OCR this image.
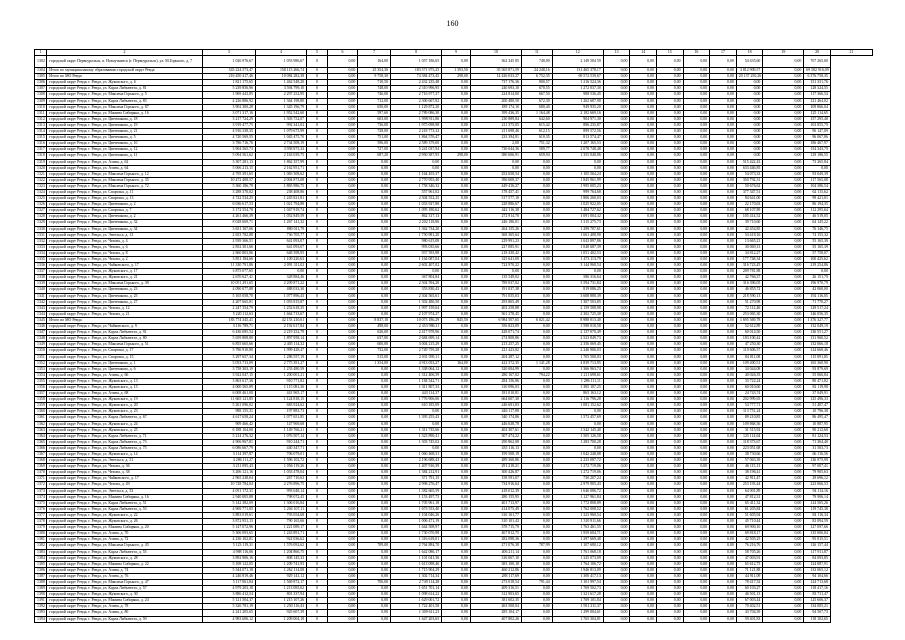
160
1	2	3	4	5	6	7	8	9	10	11	12	13	14	15	16	17	18	19	20	21
1302	городской округ Первоуральск, п. Новоуткинск (г. Первоуральск), ул. М.Горького, д. 7	1 026 976,67	1 053 986,67	0	0,00	164,00	1 057 186,65	0,00	362 345 85	748,00	2 149 584 59	0,00	0,00	0,00	0,00	0,00	54 435,60	0,00	707 265,60	
1304	Итого по муниципальному образованию городской округ Ревда	543 224 573,47	158 115 266,74	0	0,00	25 354,30	183 571 975,25	1 393,50	35 565 871,59	24 248,16	131 465 378,17	0,00	0,00	0,00	0,00	0,00	3 812 909,57	0,00	69 582 916,09	
1305	Итого по МО Ревда	216 450 417,46	10 084 282,38	0	0,00	9 758,30	74 384 473,45	298,00	14 426 033,27	6 752,35	69 572 539,67	0,00	0,00	0,00	0,00	0,00	20 137 250,26	0,00	6 376 758,35	
1306	городской округ Ревда, г. Ревда, ул. Жуковского, д. 6	1 821 175,65	1 462 548,20	0	0,00	710,50	2 432 235,48	0,00	737 176,36	800,57	1 216 524,36	0,00	0,00	0,00	0,00	0,00	0,00	0,00	151 331,76	
1307	городской округ Ревда, г. Ревда, ул. Карла Либкнехта, д. 81	5 239 856,96	3 594 799,10	0	0,00	748,00	2 310 996,95	0,00	240 693,10	670,55	1 272 037,30	0,00	0,00	0,00	0,00	0,00	0,00	0,00	128 324,55	
1308	городской округ Ревда, г. Ревда, ул. Максима Горького, д. 5	1 969 443,85	2 297 252,95	0	0,00	746,00	2 716 977,37	0,00	224 814,00	667,50	988 536,45	0,00	0,00	0,00	0,00	0,00	0,00	0,00	117 366,54	
1309	городской округ Ревда, г. Ревда, ул. Карла Либкнехта, д. 83	4 226 886,92	1 364 198,80	0	0,00	712,00	2 300 667,82	0,00	200 480,50	672,30	1 262 687,90	0,00	0,00	0,00	0,00	0,00	0,00	0,00	121 464,02	
1310	городской округ Ревда, г. Ревда, ул. Максима Горького, д. 87	3 902 300,28	1 345 196,79	0	0,00	650,00	1 129 872,20	0,00	189 174,10	680,40	949 935,20	0,00	0,00	0,00	0,00	0,00	0,00	0,00	109 866,04	
1311	городской округ Ревда, г. Ревда, ул. Мамина Сибиряка, д. 16	3 071 317,16	1 952 542,60	0	0,00	597,60	2 789 086,30	0,00	399 436,35	1 164,48	2 182 669,16	0,00	0,00	0,00	0,00	0,00	0,00	0,00	125 114,65	
1312	городской округ Ревда, г. Ревда, ул. Цветникова, д. 18	3 217 724,29	1 303 752,07	0	0,00	603,00	1 998 911,86	0,00	230 889,84	642,60	904 971,30	0,00	0,00	0,00	0,00	0,00	0,00	0,00	157 295,48	
1313	городской округ Ревда, г. Ревда, ул. Цветникова, д. 19	3 919 477,75	992 341,02	0	0,00	736,00	1 975 098,98	0,00	211 375,05	615,42	886 235,87	0,00	0,00	0,00	0,00	0,00	0,00	0,00	103 855,79	
1314	городской округ Ревда, г. Ревда, ул. Цветникова, д. 21	4 916 338,35	1 079 675,99	0	0,00	728,00	2 218 773,32	0,00	211 698,46	612,15	899 572,56	0,00	0,00	0,00	0,00	0,00	0,00	0,00	96 147,09	
1315	городской округ Ревда, г. Ревда, ул. Цветникова, д. 5	4 720 569,55	1 045 475,70	0	0,00	751,00	1 864 576,47	0,00	233 394,81	610,35	813 574,47	0,00	0,00	0,00	0,00	0,00	0,00	0,00	96 067,86	
1316	городской округ Ревда, г. Ревда, ул. Цветникова, д. 10	3 786 716,76	2 734 508,19	0	0,00	596,00	2 589 379,00	0,00	2,00	751,32	1 207 165,53	0,00	0,00	0,00	0,00	0,00	0,00	0,00	186 467,97	
1317	городской округ Ревда, г. Ревда, ул. Цветникова, д. 12	3 904 565,73	3 958 875,33	0	0,00	727,00	5 241 037,94	0,00	730 044,36	589,77	2 078 748,48	0,00	0,00	0,00	0,00	0,00	0,00	0,00	154 343,79	
1318	городской округ Ревда, г. Ревда, ул. Цветникова, д. 11	5 094 561,62	2 163 039,75	0	0,00	687,20	2 950 387,95	298,00	380 606,91	659,94	1 355 048,86	0,00	0,00	0,00	0,00	0,00	0,00	0,00	129 186,55	
1319	городской округ Ревда, г. Ревда, ул. Азина, д. 62	3 307 281,13	1 862 357,99	0	0,00	0,00	0,00	0,00	0,00	0,00	0,00	0,00	0,00	0,00	0,00	0,00	515 422,43	0,00	73 265,84	
1320	городской округ Ревда, г. Ревда, ул. Азина, д. 64	5 006 213,15	2 162 951,71	0	0,00	0,00	0,00	0,00	0,00	0,00	0,00	0,00	0,00	0,00	0,00	0,00	633 446,85	0,00	0,00	
1321	городской округ Ревда, г. Ревда, ул. Максима Горького, д. 12	4 795 391,65	1 065 508,62	0	0,00	0,00	1 164 455,37	0,00	252 658,54	0,00	1 105 564,24	0,00	0,00	0,00	0,00	0,00	54 073,33	0,00	93 049,39	
1322	городской округ Ревда, г. Ревда, ул. Максима Горького, д. 35	10 472 408,57	2 004 873,08	0	0,00	0,00	2 770 955,40	0,00	396 608,37	0,00	1 845 961,99	0,00	0,00	0,00	0,00	0,00	350 792,31	0,00	117 565,08	
1323	городской округ Ревда, г. Ревда, ул. Максима Горького, д. 72	5 360 186,79	1 865 986,75	0	0,00	0,00	1 758 346,32	0,00	449 416,27	0,00	1 995 005,23	0,00	0,00	0,00	0,00	0,00	50 676,62	0,00	104 386,54	
1324	городской округ Ревда, г. Ревда, ул. Спартака, д. 11	3 288 370,02	238 408,86	0	0,00	0,00	557 961,02	0,00	178 457,41	0,00	999 764,68	0,00	0,00	0,00	0,00	0,00	377 347,51	0,00	62 115,62	
1325	городской округ Ревда, г. Ревда, ул. Спартака, д. 13	4 722 534,25	1 245 821,81	0	0,00	0,00	2 304 552,25	0,00	517 577,10	0,00	1 806 260,03	0,00	0,00	0,00	0,00	0,00	84 641,00	0,00	99 421,01	
1326	городской округ Ревда, г. Ревда, ул. Цветникова, д. 2	6 036 617,53	1 021 794,88	0	0,00	0,00	1 033 927,88	0,00	228 886,67	0,00	1 025 922,05	0,00	0,00	0,00	0,00	0,00	22 170,63	0,00	86 194,35	
1327	городской округ Ревда, г. Ревда, ул. Спартака, д. 7	3 172 554,78	1 047 919,74	0	0,00	0,00	1 095 180,62	0,00	442 116,38	0,00	1 484 727,62	0,00	0,00	0,00	0,00	0,00	68 107,89	0,00	112 295,64	
1328	городской округ Ревда, г. Ревда, ул. Цветникова, д. 2	4 261 466,39	1 052 849,59	0	0,00	0,00	862 317,13	0,00	272 914,70	0,00	1 091 004,32	0,00	0,00	0,00	0,00	0,00	105 414,52	0,00	46 519,05	
1329	городской округ Ревда, г. Ревда, ул. Цветникова, д. 32	8 028 069,71	1 267 141,32	0	0,00	0,00	2 202 118,86	0,00	246 186,01	0,00	1 315 275,73	0,00	0,00	0,00	0,00	0,00	39 710,60	0,00	64 145,22	
1330	городской округ Ревда, г. Ревда, ул. Цветникова, д. 34	3 651 167,06	880 011,79	0	0,00	0,00	1 362 734,20	0,00	264 155,26	0,00	1 299 787,61	0,00	0,00	0,00	0,00	0,00	42 454,85	0,00	76 146,75	
1331	городской округ Ревда, г. Ревда, ул. Энгельса, д. 13	2 653 782,88	736 705,77	0	0,00	0,00	1 750 981,20	0,00	368 365,64	0,00	1 661 408,90	0,00	0,00	0,00	0,00	0,00	54 418,16	0,00	74 155,32	
1332	городской округ Ревда, г. Ревда, ул. Чехова, д. 4	2 939 366,51	641 093,07	0	0,00	0,00	980 615,08	0,00	229 991,23	0,00	1 043 897,86	0,00	0,00	0,00	0,00	0,00	13 665,21	0,00	55 165,39	
1333	городской округ Ревда, г. Ревда, ул. Чехова, д. 6	2 852 301,66	641 093,07	0	0,00	0,00	993 035,66	0,00	227 085,91	0,00	1 048 687,39	0,00	0,00	0,00	0,00	0,00	30 069,13	0,00	55 165,39	
1334	городской округ Ревда, г. Ревда, ул. Чехова, д. 8	2 860 803,86	648 398,95	0	0,00	0,00	937 593,98	0,00	218 430,42	0,00	1 051 402,53	0,00	0,00	0,00	0,00	0,00	34 812,27	0,00	57 758,07	
1335	городской округ Ревда, г. Ревда, ул. Чехова, д. 2	3 851 184,66	1 109 220,63	0	0,00	0,00	1 164 087,04	0,00	325 641,00	0,00	1 473 113,79	0,00	0,00	0,00	0,00	0,00	177 748,34	0,00	100 425,62	
1336	городской округ Ревда, г. Ревда, ул. Чайковского, д. 17	11 330 791,86	2 091 311,02	0	0,00	0,00	2 602 407,02	0,00	722 970,22	0,00	3 144 968,54	0,00	0,00	0,00	0,00	0,00	316 723,45	0,00	219 254,86	
1337	городской округ Ревда, г. Ревда, ул. Жуковского, д. 17	3 875 077,65	0,00	0	0,00	0,00	0,00	0,00	0,00	0,00	0,00	0,00	0,00	0,00	0,00	0,00	209 781,88	0,00	0,00	
1338	городской округ Ревда, г. Ревда, ул. Жуковского, д. 21	2 670 627,41	328 884,46	0	0,00	0,00	367 804,84	0,00	135 549,02	0,00	586 316,64	0,00	0,00	0,00	0,00	0,00	42 766,37	0,00	26 151,79	
1339	городской округ Ревда, г. Ревда, ул. Максима Горького, д. 39	10 051 291,65	2 209 871,22	0	0,00	0,00	2 304 594,20	0,00	789 037,02	0,00	3 594 731,84	0,00	0,00	0,00	0,00	0,00	316 396,05	0,00	196 970,79	
1340	городской округ Ревда, г. Ревда, ул. Цветникова, д. 23	4 090 077,88	488 033,30	0	0,00	0,00	353 830,43	0,00	191 037,38	0,00	819 086,25	0,00	0,00	0,00	0,00	0,00	46 855,72	0,00	42 060,00	
1341	городской округ Ревда, г. Ревда, ул. Цветникова, д. 25	5 165 058,70	1 077 896,43	0	0,00	0,00	2 304 565,61	0,00	791 055,03	0,00	3 608 888,39	0,00	0,00	0,00	0,00	0,00	218 590,13	0,00	192 116,05	
1342	городской округ Ревда, г. Ревда, ул. Цветникова, д. 27	4 207 665,81	1 053 815,87	0	0,00	0,00	1 302 486,50	0,00	293 865,49	0,00	1 307 503,85	0,00	0,00	0,00	0,00	0,00	51 270,98	0,00	71 770,27	
1343	городской округ Ревда, г. Ревда, ул. Чехова, д. 12	2 247 354,79	1 252 618,35	0	0,00	0,00	1 997 159,64	0,00	402 258,88	0,00	2 159 508,98	0,00	0,00	0,00	0,00	0,00	72 112,46	0,00	129 517,24	
1344	городской округ Ревда, г. Ревда, ул. Чехова, д. 21	5 220 112,63	1 664 713,67	0	0,00	0,00	2 107 974,27	0,00	561 278,45	0,00	2 302 725,30	0,00	0,00	0,00	0,00	0,00	253 065,30	0,00	146 056,35	
1345	Итого по МО Ревда	183 774 345,41	42 153 210,61	0	0,00	8 837,10	10 073 186,29	845,50	6 984 507,65	6 021,42	8 988 013,40	0,00	0,00	0,00	0,00	0,00	1 695 369,78	0,00	1 376 327,77	
1346	городской округ Ревда, г. Ревда, ул. Чайковского, д. 9	3 116 789,71	2 192 617,84	0	0,00	498,00	2 453 986,11	0,00	356 823,09	0,00	1 590 018,58	0,00	0,00	0,00	0,00	0,00	52 612,89	0,00	132 049,19	
1347	городской округ Ревда, г. Ревда, ул. Карла Либкнехта, д. 91	6 436 085,54	2 219 252,79	0	0,00	626,00	2 417 978,96	0,00	428 071,74	0,00	2 137 070,49	0,00	0,00	0,00	0,00	0,00	60 014,50	0,00	136 551,27	
1348	городской округ Ревда, г. Ревда, ул. Карла Либкнехта, д. 80	5 659 808,80	1 897 958,14	0	0,00	637,00	2 684 699,14	0,00	274 808,86	0,00	2 523 849,73	0,00	0,00	0,00	0,00	0,00	183 100,42	0,00	131 960,52	
1349	городской округ Ревда, г. Ревда, ул. Максима Горького, д. 51	6 855 665,66	2 405 114,32	0	0,00	600,00	3 004 215,29	0,00	213 257,25	0,00	2 356 069,45	0,00	0,00	0,00	0,00	0,00	47 250,30	0,00	132 066,18	
1350	городской округ Ревда, г. Ревда, ул. Спартака, д. 17	5 786 910,80	1 999 428,47	0	0,00	732,00	2 749 759,28	0,00	221 423,82	0,00	2 246 906,03	0,00	0,00	0,00	0,00	0,00	110 606,57	0,00	124 668,46	
1351	городской округ Ревда, г. Ревда, ул. Спартака, д. 15	3 297 657,34	1 286 557,19	0	0,00	515,00	2 031 095,11	0,00	204 287,12	0,00	1 705 500,03	0,00	0,00	0,00	0,00	0,00	84 011,08	0,00	115 891,85	
1352	городской округ Ревда, г. Ревда, ул. Цветникова, д. 1	5 053 713,09	2 775 391,27	0	0,00	1 354,00	4 913 053,27	164,00	422 372,35	1 141,28	4 839 713,95	0,00	0,00	0,00	0,00	0,00	109 400,51	0,00	165 360,90	
1353	городской округ Ревда, г. Ревда, ул. Цветникова, д. 6	3 758 303,19	1 233 480,59	0	0,00	0,00	1 338 064,12	0,00	320 004,99	0,00	1 366 963,74	0,00	0,00	0,00	0,00	0,00	34 044,08	0,00	93 879,69	
1354	городской округ Ревда, г. Ревда, ул. Азина, д. 66	3 922 047,15	1 200 001,21	0	0,00	0,00	1 312 406,59	0,00	286 167,02	794,22	1 211 698,61	0,00	0,00	0,00	0,00	0,00	40 026,35	0,00	55 060,84	
1355	городской округ Ревда, г. Ревда, ул. Жуковского, д. 13	3 863 617,36	910 771,82	0	0,00	0,00	1 184 542,71	0,00	284 156,86	0,00	1 286 111,11	0,00	0,00	0,00	0,00	0,00	33 722,24	0,00	80 471,82	
1356	городской округ Ревда, г. Ревда, ул. Жуковского, д. 15	4 000 565,89	1 115 081,36	0	0,00	0,00	1 311 807,33	0,00	310 096,03	0,00	1 385 107,25	0,00	0,00	0,00	0,00	0,00	60 010,60	0,00	82 119,98	
1357	городской округ Ревда, г. Ревда, ул. Азина, д. 68	6 008 461,00	441 965,17	0	0,00	0,00	443 114,37	0,00	181 010,81	0,00	865 163,12	0,00	0,00	0,00	0,00	0,00	24 743,74	0,00	37 049,91	
1358	городской округ Ревда, г. Ревда, ул. Жуковского, д. 19	11 665 121,85	1 124 818,15	0	0,00	0,00	1 776 906,06	0,00	664 607,30	0,00	2 116 796,28	0,00	0,00	0,00	0,00	0,00	202 999,65	0,00	125 496,33	
1359	городской округ Ревда, г. Ревда, ул. Жуковского, д. 20	5 261 096,02	683 924,62	0	0,00	0,00	610 185,09	0,00	246 691,83	0,00	1 081 152,62	0,00	0,00	0,00	0,00	0,00	54 777,71	0,00	51 407,47	
1360	городской округ Ревда, г. Ревда, ул. Жуковского, д. 23	988 155,31	197 883,73	0	0,00	0,00	0,00	0,00	446 117,88	0,00	0,00	0,00	0,00	0,00	0,00	0,00	113 751,24	0,00	10 796,38	
1361	городской округ Ревда, г. Ревда, ул. Карла Либкнехта, д. 67	4 617 658,24	1 077 651,85	0	0,00	0,00	1 395 255,43	0,00	340 174,86	0,00	1 573 457,69	0,00	0,00	0,00	0,00	0,00	89 210,85	0,00	86 495,47	
1362	городской округ Ревда, г. Ревда, ул. Жуковского, д. 24	909 466,42	147 969,68	0	0,00	0,00	0,00	0,00	446 638,78	0,00	0,00	0,00	0,00	0,00	0,00	0,00	109 868,56	0,00	10 887,95	
1363	городской округ Ревда, г. Ревда, ул. Жуковского, д. 25	6 188 104,00	1 149 766,21	0	0,00	0,00	1 311 735,66	0,00	402 307,61	0,00	1 542 145,40	0,00	0,00	0,00	0,00	0,00	31 515,92	0,00	90 212,60	
1364	городской округ Ревда, г. Ревда, ул. Карла Либкнехта, д. 71	5 214 276,32	1 076 507,14	0	0,00	0,00	1 323 890,41	0,00	307 474,22	0,00	1 505 126,58	0,00	0,00	0,00	0,00	0,00	125 114,64	0,00	81 124,53	
1365	городской округ Ревда, г. Ревда, ул. Карла Либкнехта, д. 73	4 906 967,81	910 244,71	0	0,00	0,00	1 303 745,02	0,00	290 862,08	0,00	1 283 700,28	0,00	0,00	0,00	0,00	0,00	118 373,67	0,00	71 304,40	
1366	городской округ Ревда, г. Ревда, ул. Карла Либкнехта, д. 75	6 086 667,79	440 347,71	0	0,00	0,00	0,00	0,00	435 116,13	0,00	0,00	0,00	0,00	0,00	0,00	0,00	223 051,68	0,00	31 503,73	
1367	городской округ Ревда, г. Ревда, ул. Жуковского, д. 14	3 114 397,87	706 079,01	0	0,00	0,00	1 060 468,31	0,00	199 508,19	0,00	1 042 248,08	0,00	0,00	0,00	0,00	0,00	38 730,66	0,00	66 116,56	
1368	городской округ Ревда, г. Ревда, ул. Энгельса, д. 51	4 286 111,27	1 596 102,72	0	0,00	0,00	2 196 688,43	0,00	489 360,86	0,00	2 233 087,72	0,00	0,00	0,00	0,00	0,00	57 063,39	0,00	136 975,99	
1369	городской округ Ревда, г. Ревда, ул. Чехова, д. 36	3 211 095,43	1 056 119,26	0	0,00	0,00	1 407 916,39	0,00	291 218,21	0,00	1 272 719,06	0,00	0,00	0,00	0,00	0,00	46 115,13	0,00	97 007,41	
1370	городской округ Ревда, г. Ревда, ул. Чехова, д. 38	3 206 121,16	1 033 478,04	0	0,00	0,00	1 384 212,91	0,00	300 426,87	0,00	1 272 719,06	0,00	0,00	0,00	0,00	0,00	38 196,41	0,00	79 905,63	
1371	городской округ Ревда, г. Ревда, ул. Чайковского, д. 17	2 965 238,04	267 710,63	0	0,00	0,00	371 791,15	0,00	158 591,07	0,00	730 207,24	0,00	0,00	0,00	0,00	0,00	42 911,47	0,00	29 696,12	
1372	городской округ Ревда, г. Ревда, ул. Чехова, д. 49	10 728 784,04	2 276 896,75	0	0,00	0,00	2 998 276,47	0,00	734 916,64	0,00	2 979 905,43	0,00	0,00	0,00	0,00	0,00	253 193,44	0,00	223 066,53	
1373	городской округ Ревда, г. Ревда, ул. Энгельса, д. 53	4 051 172,31	993 048,14	0	0,00	0,00	1 382 665,59	0,00	418 012,39	0,00	1 646 086,72	0,00	0,00	0,00	0,00	0,00	64 001,89	0,00	94 114,16	
1374	городской округ Ревда, г. Ревда, ул. Мамина Сибиряка, д. 16	2 940 005,88	798 072,45	0	0,00	0,00	1 153 497,75	0,00	280 155,95	0,00	1 127 961,84	0,00	0,00	0,00	0,00	0,00	47 812,31	0,00	79 906,14	
1375	городской округ Ревда, г. Ревда, ул. Карла Либкнехта, д. 51	5 142 382,09	1 306 016,84	0	0,00	0,00	1 705 961,18	0,00	401 713,97	0,00	1 772 808,89	0,00	0,00	0,00	0,00	0,00	65 411,32	0,00	124 565,26	
1376	городской округ Ревда, г. Ревда, ул. Карла Либкнехта, д. 53	4 969 771,05	1 204 107,11	0	0,00	0,00	1 673 553,40	0,00	414 075,49	0,00	1 762 008,52	0,00	0,00	0,00	0,00	0,00	61 205,84	0,00	119 745,38	
1377	городской округ Ревда, г. Ревда, ул. Жуковского, д. 22	3 883 019,61	793 054,68	0	0,00	0,00	1 104 046,26	0,00	316 161,77	0,00	1 323 960,54	0,00	0,00	0,00	0,00	0,00	51 605,94	0,00	84 116,34	
1378	городской округ Ревда, г. Ревда, ул. Жуковского, д. 26	3 872 951,13	790 165,66	0	0,00	0,00	1 006 471,19	0,00	310 101,43	0,00	1 310 911,66	0,00	0,00	0,00	0,00	0,00	45 710,44	0,00	82 094,59	
1379	городской округ Ревда, г. Ревда, ул. Мамина Сибиряка, д. 20	5 147 072,96	1 221 089,17	0	0,00	0,00	1 644 508,97	0,00	378 715,79	0,00	1 763 461,55	0,00	0,00	0,00	0,00	0,00	69 900,10	0,00	127 097,66	
1380	городской округ Ревда, г. Ревда, ул. Азина, д. 70	5 306 093,65	1 243 891,71	0	0,00	0,00	1 730 070,98	0,00	467 812,75	0,00	1 959 604,71	0,00	0,00	0,00	0,00	0,00	69 818,17	0,00	135 006,84	
1381	городской округ Ревда, г. Ревда, ул. Азина, д. 72	4 236 102,81	922 036,62	0	0,00	0,00	1 316 618,01	0,00	282 098,36	0,00	1 297 669,48	0,00	0,00	0,00	0,00	0,00	42 505,25	0,00	95 015,51	
1382	городской округ Ревда, г. Ревда, ул. Максима Горького, д. 45	5 123 119,31	1 576 092,62	0	0,00	709,00	2 764 884,70	0,00	271 076,38	787,99	1 107 680,12	0,00	0,00	0,00	0,00	0,00	76 216,76	0,00	126 157,44	
1383	городской округ Ревда, г. Ревда, ул. Карла Либкнехта, д. 55	4 988 116,06	1 204 866,75	0	0,00	0,00	1 642 086,17	0,00	406 211,14	0,00	1 761 068,18	0,00	0,00	0,00	0,00	0,00	58 705,26	0,00	117 911,87	
1384	городской округ Ревда, г. Ревда, ул. Жуковского, д. 28	3 892 906,16	808 145,33	0	0,00	0,00	1 101 041,36	0,00	316 067,10	0,00	1 325 073,09	0,00	0,00	0,00	0,00	0,00	47 003,91	0,00	84 093,85	
1385	городской округ Ревда, г. Ревда, ул. Мамина Сибиряка, д. 22	5 108 122,05	1 209 741,93	0	0,00	0,00	1 613 098,46	0,00	383 100,18	0,00	1 764 106,72	0,00	0,00	0,00	0,00	0,00	65 612,75	0,00	124 087,91	
1386	городской округ Ревда, г. Ревда, ул. Азина, д. 74	5 344 071,18	1 262 114,08	0	0,00	0,00	1 715 904,29	0,00	460 212,86	0,00	1 946 813,09	0,00	0,00	0,00	0,00	0,00	71 121,88	0,00	133 065,12	
1387	городской округ Ревда, г. Ревда, ул. Азина, д. 76	4 246 819,46	929 141,12	0	0,00	0,00	1 302 714,34	0,00	288 117,69	0,00	1 300 417,13	0,00	0,00	0,00	0,00	0,00	44 911,09	0,00	94 104,66	
1388	городской округ Ревда, г. Ревда, ул. Максима Горького, д. 47	5 117 061,84	1 569 872,17	0	0,00	706,00	2 749 114,28	0,00	273 018,54	791,44	1 101 997,54	0,00	0,00	0,00	0,00	0,00	78 417,32	0,00	124 713,68	
1389	городской округ Ревда, г. Ревда, ул. Карла Либкнехта, д. 57	4 979 203,18	1 213 085,62	0	0,00	0,00	1 651 701,14	0,00	409 316,51	0,00	1 769 502,73	0,00	0,00	0,00	0,00	0,00	60 103,27	0,00	118 417,16	
1390	городской округ Ревда, г. Ревда, ул. Жуковского, д. 30	3 886 412,54	801 337,94	0	0,00	0,00	1 098 614,22	0,00	312 903,65	0,00	1 321 617,28	0,00	0,00	0,00	0,00	0,00	46 501,13	0,00	83 711,47	
1391	городской округ Ревда, г. Ревда, ул. Мамина Сибиряка, д. 24	5 121 504,37	1 215 107,26	0	0,00	0,00	1 629 001,72	0,00	381 602,35	0,00	1 769 101,84	0,00	0,00	0,00	0,00	0,00	67 003,44	0,00	125 606,37	
1392	городской округ Ревда, г. Ревда, ул. Азина, д. 78	5 326 781,19	1 250 116,43	0	0,00	0,00	1 722 401,58	0,00	463 508,04	0,00	1 951 211,37	0,00	0,00	0,00	0,00	0,00	70 402,51	0,00	134 005,21	
1393	городской округ Ревда, г. Ревда, ул. Азина, д. 80	4 241 205,65	925 607,39	0	0,00	0,00	1 309 611,23	0,00	285 104,17	0,00	1 299 004,61	0,00	0,00	0,00	0,00	0,00	43 704,39	0,00	94 507,73	
1394	городской округ Ревда, г. Ревда, ул. Карла Либкнехта, д. 59	4 983 606,12	1 209 004,18	0	0,00	0,00	1 647 203,65	0,00	407 802,26	0,00	1 765 304,81	0,00	0,00	0,00	0,00	0,00	59 401,83	0,00	118 102,65	
